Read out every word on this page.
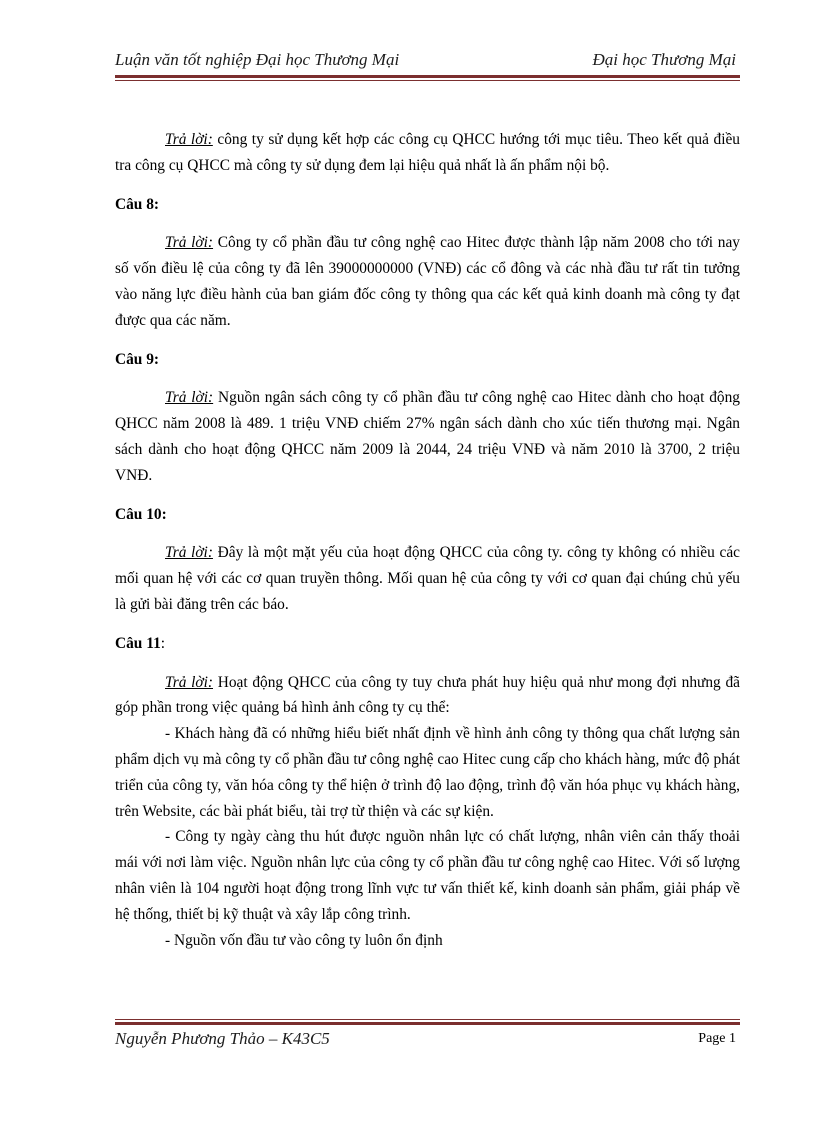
Luận văn tốt nghiệp Đại học Thương Mại	Đại học Thương Mại

Trả lời: công ty sử dụng kết hợp các công cụ QHCC hướng tới mục tiêu. Theo kết quả điều tra công cụ QHCC mà công ty sử dụng đem lại hiệu quả nhất là ấn phẩm nội bộ.

Câu 8:

Trả lời: Công ty cổ phần đầu tư công nghệ cao Hitec được thành lập năm 2008 cho tới nay số vốn điều lệ của công ty đã lên 39000000000 (VNĐ) các cổ đông và các nhà đầu tư rất tin tưởng vào năng lực điều hành của ban giám đốc công ty thông qua các kết quả kinh doanh mà công ty đạt được qua các năm.

Câu 9:

Trả lời: Nguồn ngân sách công ty cổ phần đầu tư công nghệ cao Hitec dành cho hoạt động QHCC năm 2008 là 489. 1 triệu VNĐ chiếm 27% ngân sách dành cho xúc tiến thương mại. Ngân sách dành cho hoạt động QHCC năm 2009 là 2044, 24 triệu VNĐ và năm 2010 là 3700, 2 triệu VNĐ.

Câu 10:

Trả lời: Đây là một mặt yếu của hoạt động QHCC của công ty. công ty không có nhiều các mối quan hệ với các cơ quan truyền thông. Mối quan hệ của công ty với cơ quan đại chúng chủ yếu là gửi bài đăng trên các báo.

Câu 11:

Trả lời: Hoạt động QHCC của công ty tuy chưa phát huy hiệu quả như mong đợi nhưng đã góp phần trong việc quảng bá hình ảnh công ty cụ thể:

- Khách hàng đã có những hiểu biết nhất định về hình ảnh công ty thông qua chất lượng sản phẩm dịch vụ mà công ty cổ phần đầu tư công nghệ cao Hitec cung cấp cho khách hàng, mức độ phát triển của công ty, văn hóa công ty thể hiện ở trình độ lao động, trình độ văn hóa phục vụ khách hàng, trên Website, các bài phát biểu, tài trợ từ thiện và các sự kiện.

- Công ty ngày càng thu hút được nguồn nhân lực có chất lượng, nhân viên cản thấy thoải mái với nơi làm việc. Nguồn nhân lực của công ty cổ phần đầu tư công nghệ cao Hitec. Với số lượng nhân viên là 104 người hoạt động trong lĩnh vực tư vấn thiết kế, kinh doanh sản phẩm, giải pháp về hệ thống, thiết bị kỹ thuật và xây lắp công trình.

- Nguồn vốn đầu tư vào công ty luôn ổn định

Nguyễn Phương Thảo – K43C5	Page 1
